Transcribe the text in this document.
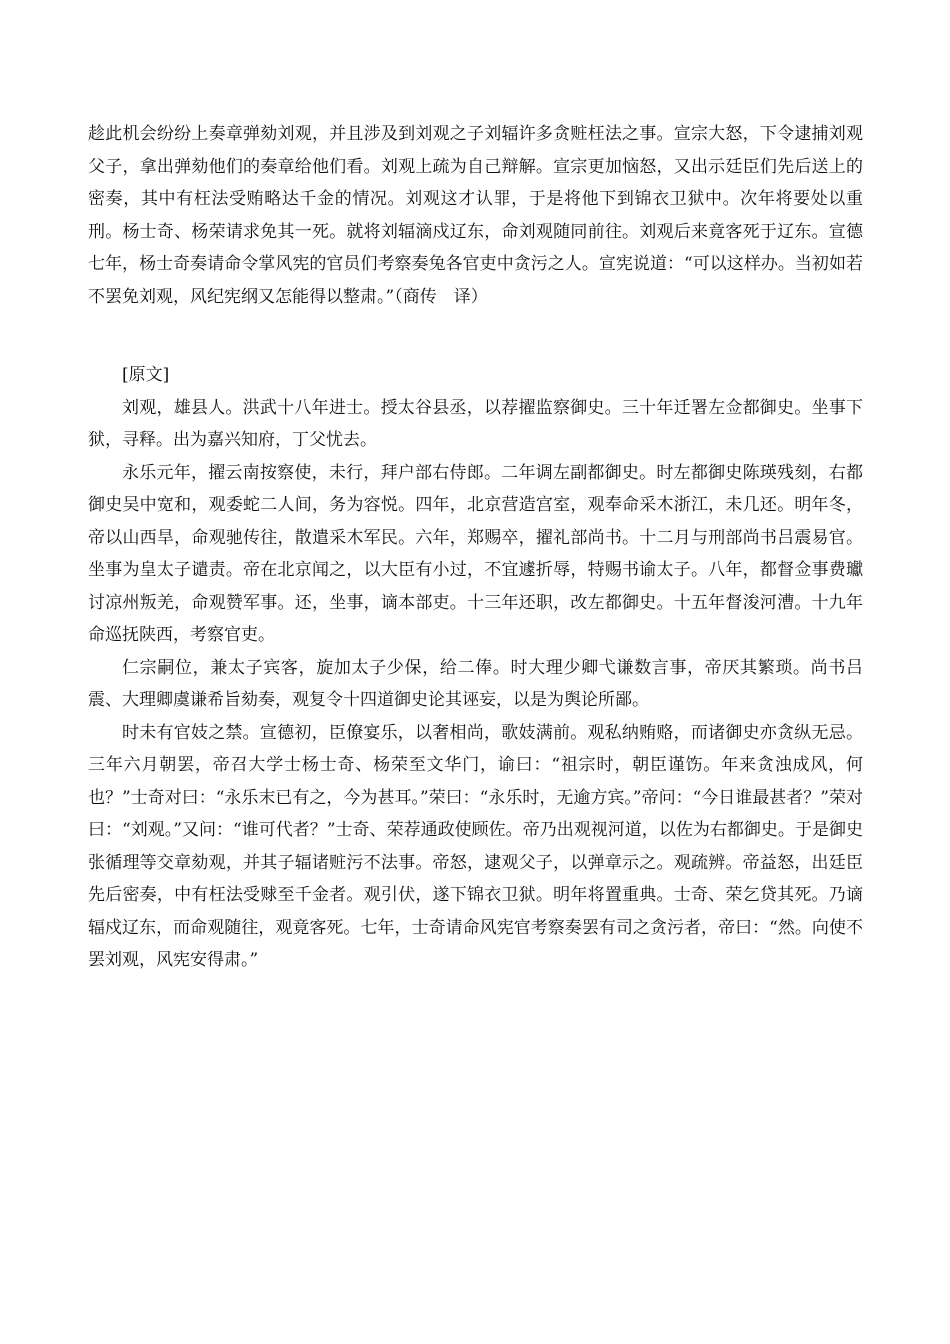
趁此机会纷纷上奏章弹劾刘观，并且涉及到刘观之子刘辐许多贪赃枉法之事。宣宗大怒，下令逮捕刘观父子，拿出弹劾他们的奏章给他们看。刘观上疏为自己辩解。宣宗更加恼怒，又出示廷臣们先后送上的密奏，其中有枉法受贿略达千金的情况。刘观这才认罪，于是将他下到锦衣卫狱中。次年将要处以重刑。杨士奇、杨荣请求免其一死。就将刘辐滴戍辽东，命刘观随同前往。刘观后来竟客死于辽东。宣德七年，杨士奇奏请命令掌风宪的官员们考察奏兔各官吏中贪污之人。宣宪说道：“可以这样办。当初如若不罢免刘观，风纪宪纲又怎能得以整肃。”（商传　译）

[原文]

刘观，雄县人。洪武十八年进士。授太谷县丞，以荐擢监察御史。三十年迁署左佥都御史。坐事下狱，寻释。出为嘉兴知府，丁父忧去。

永乐元年，擢云南按察使，未行，拜户部右侍郎。二年调左副都御史。时左都御史陈瑛残刻，右都御史吴中宽和，观委蛇二人间，务为容悦。四年，北京营造宫室，观奉命采木浙江，未几还。明年冬，帝以山西旱，命观驰传往，散遣采木军民。六年，郑赐卒，擢礼部尚书。十二月与刑部尚书吕震易官。坐事为皇太子谴责。帝在北京闻之，以大臣有小过，不宜遽折辱，特赐书谕太子。八年，都督佥事费瓛讨凉州叛羌，命观赞军事。还，坐事，谪本部吏。十三年还职，改左都御史。十五年督浚河漕。十九年命巡抚陕西，考察官吏。

仁宗嗣位，兼太子宾客，旋加太子少保，给二俸。时大理少卿弋谦数言事，帝厌其繁琐。尚书吕震、大理卿虞谦希旨劾奏，观复令十四道御史论其诬妄，以是为舆论所鄙。

时未有官妓之禁。宣德初，臣僚宴乐，以奢相尚，歌妓满前。观私纳贿赂，而诸御史亦贪纵无忌。三年六月朝罢，帝召大学士杨士奇、杨荣至文华门，谕曰：“祖宗时，朝臣谨饬。年来贪浊成风，何也？”士奇对曰：“永乐末已有之，今为甚耳。”荣曰：“永乐时，无逾方宾。”帝问：“今日谁最甚者？”荣对曰：“刘观。”又问：“谁可代者？”士奇、荣荐通政使顾佐。帝乃出观视河道，以佐为右都御史。于是御史张循理等交章劾观，并其子辐诸赃污不法事。帝怒，逮观父子，以弹章示之。观疏辨。帝益怒，出廷臣先后密奏，中有枉法受赇至千金者。观引伏，遂下锦衣卫狱。明年将置重典。士奇、荣乞贷其死。乃谪辐戍辽东，而命观随往，观竟客死。七年，士奇请命风宪官考察奏罢有司之贪污者，帝曰：“然。向使不罢刘观，风宪安得肃。”
